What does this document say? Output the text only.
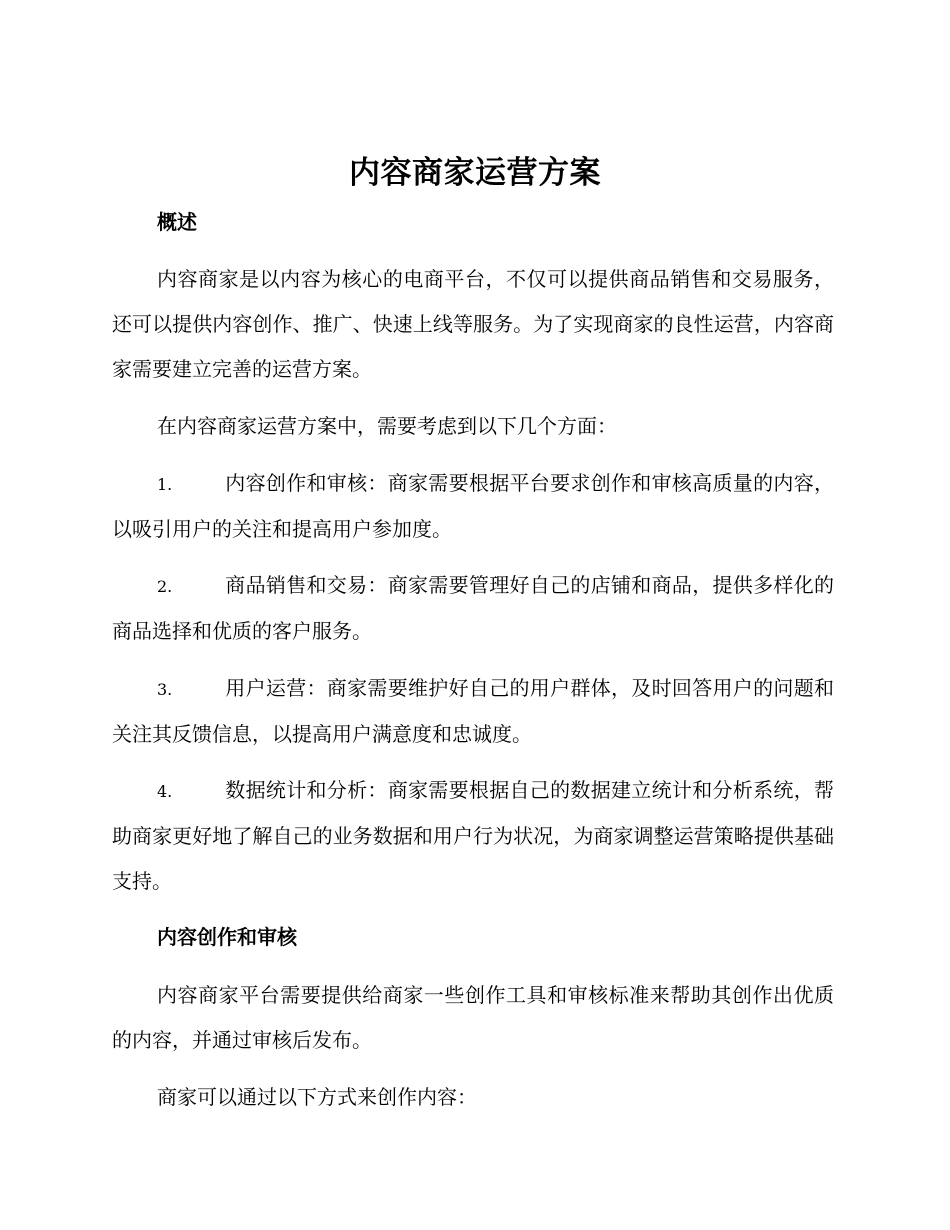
内容商家运营方案
概述
内容商家是以内容为核心的电商平台，不仅可以提供商品销售和交易服务，还可以提供内容创作、推广、快速上线等服务。为了实现商家的良性运营，内容商家需要建立完善的运营方案。
在内容商家运营方案中，需要考虑到以下几个方面：
1.	内容创作和审核：商家需要根据平台要求创作和审核高质量的内容，以吸引用户的关注和提高用户参加度。
2.	商品销售和交易：商家需要管理好自己的店铺和商品，提供多样化的商品选择和优质的客户服务。
3.	用户运营：商家需要维护好自己的用户群体，及时回答用户的问题和关注其反馈信息，以提高用户满意度和忠诚度。
4.	数据统计和分析：商家需要根据自己的数据建立统计和分析系统，帮助商家更好地了解自己的业务数据和用户行为状况，为商家调整运营策略提供基础支持。
内容创作和审核
内容商家平台需要提供给商家一些创作工具和审核标准来帮助其创作出优质的内容，并通过审核后发布。
商家可以通过以下方式来创作内容：
